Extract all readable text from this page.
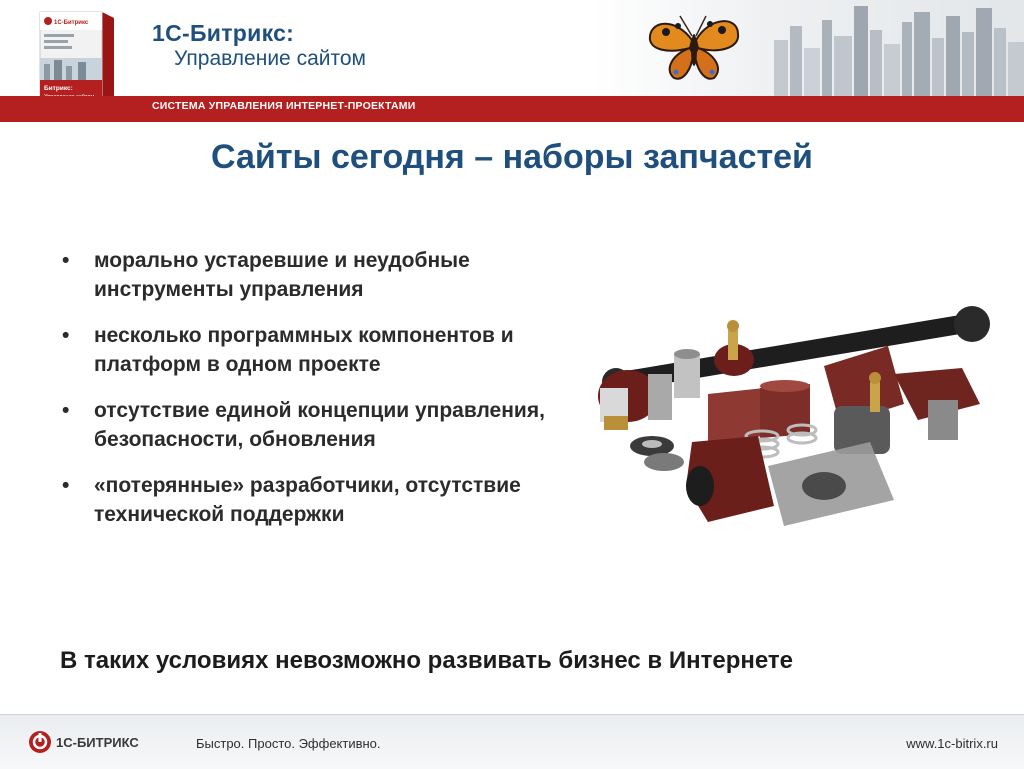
1С-Битрикс
Битрикс:
1С-Битрикс:
Управление сайтом
СИСТЕМА УПРАВЛЕНИЯ ИНТЕРНЕТ-ПРОЕКТАМИ
Сайты сегодня – наборы запчастей
• морально устаревшие и неудобные инструменты управления
• несколько программных компонентов и платформ в одном проекте
• отсутствие единой концепции управления, безопасности, обновления
• «потерянные» разработчики, отсутствие технической поддержки
В таких условиях невозможно развивать бизнес в Интернете
1С-БИТРИКС	Быстро. Просто. Эффективно.	www.1c-bitrix.ru
